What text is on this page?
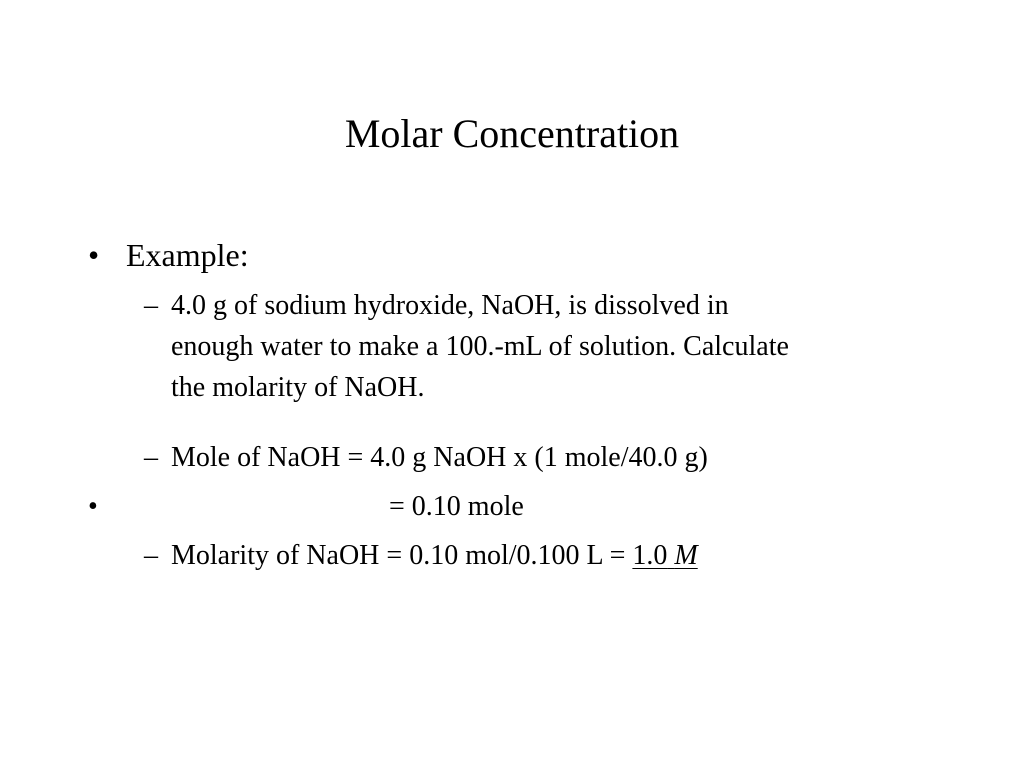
Molar Concentration
• Example:
– 4.0 g of sodium hydroxide, NaOH, is dissolved in
enough water to make a 100.-mL of solution. Calculate
the molarity of NaOH.
– Mole of NaOH = 4.0 g NaOH x (1 mole/40.0 g)
•	= 0.10 mole
– Molarity of NaOH = 0.10 mol/0.100 L = 1.0 M
